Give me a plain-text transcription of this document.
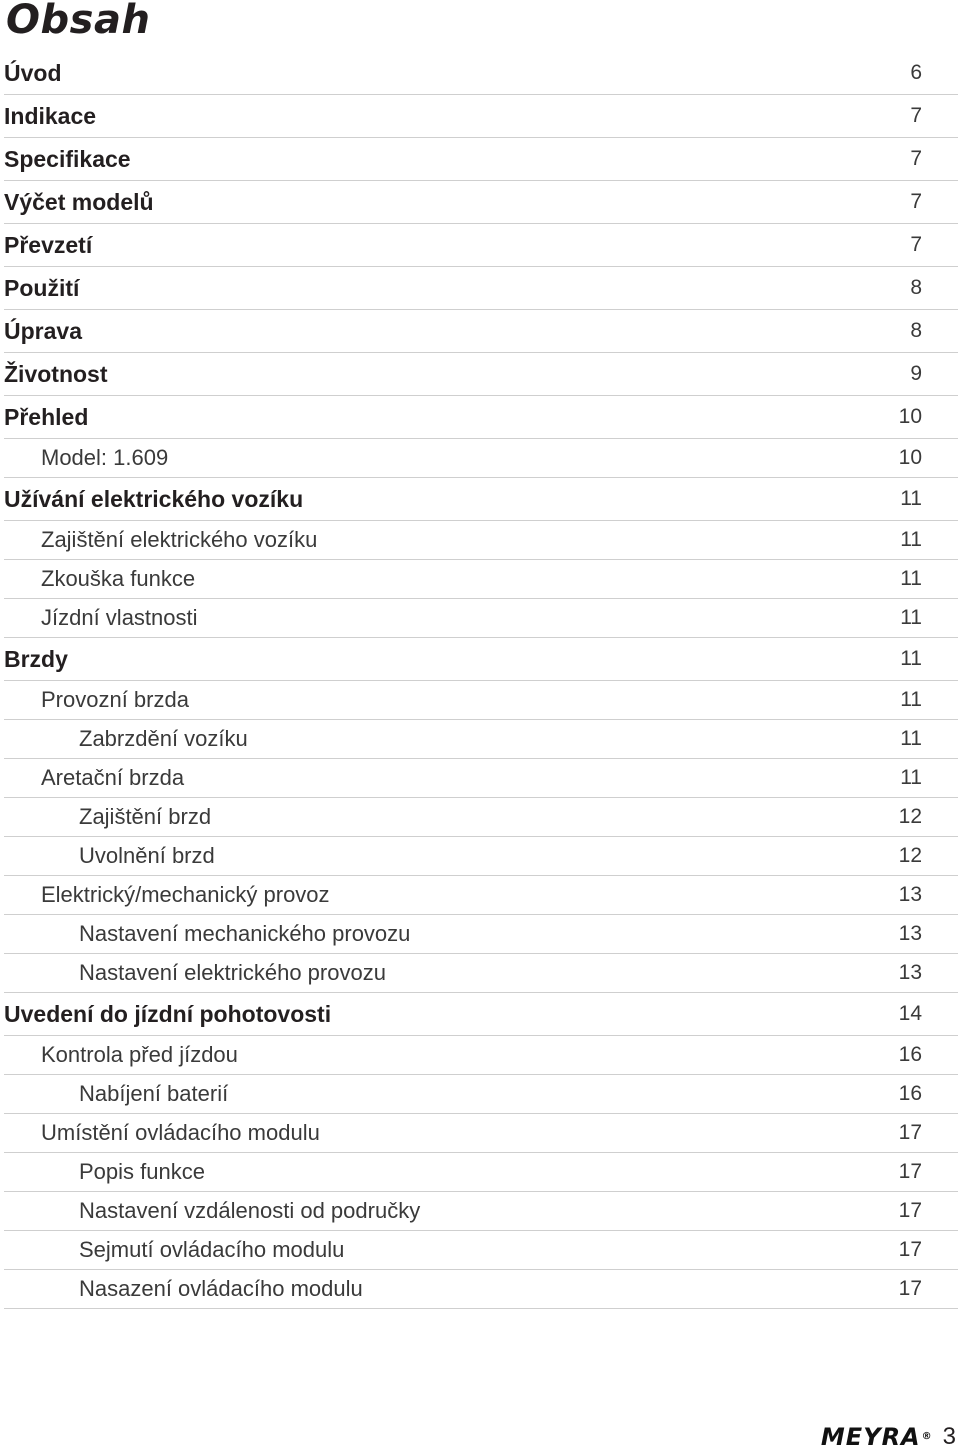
Obsah
Úvod	6
Indikace	7
Specifikace	7
Výčet modelů	7
Převzetí	7
Použití	8
Úprava	8
Životnost	9
Přehled	10
Model: 1.609	10
Užívání elektrického vozíku	11
Zajištění elektrického vozíku	11
Zkouška funkce	11
Jízdní vlastnosti	11
Brzdy	11
Provozní brzda	11
Zabrzdění vozíku	11
Aretační brzda	11
Zajištění brzd	12
Uvolnění brzd	12
Elektrický/mechanický provoz	13
Nastavení mechanického provozu	13
Nastavení elektrického provozu	13
Uvedení do jízdní pohotovosti	14
Kontrola před jízdou	16
Nabíjení baterií	16
Umístění ovládacího modulu	17
Popis funkce	17
Nastavení vzdálenosti od područky	17
Sejmutí ovládacího modulu	17
Nasazení ovládacího modulu	17
MEYRA® 3
